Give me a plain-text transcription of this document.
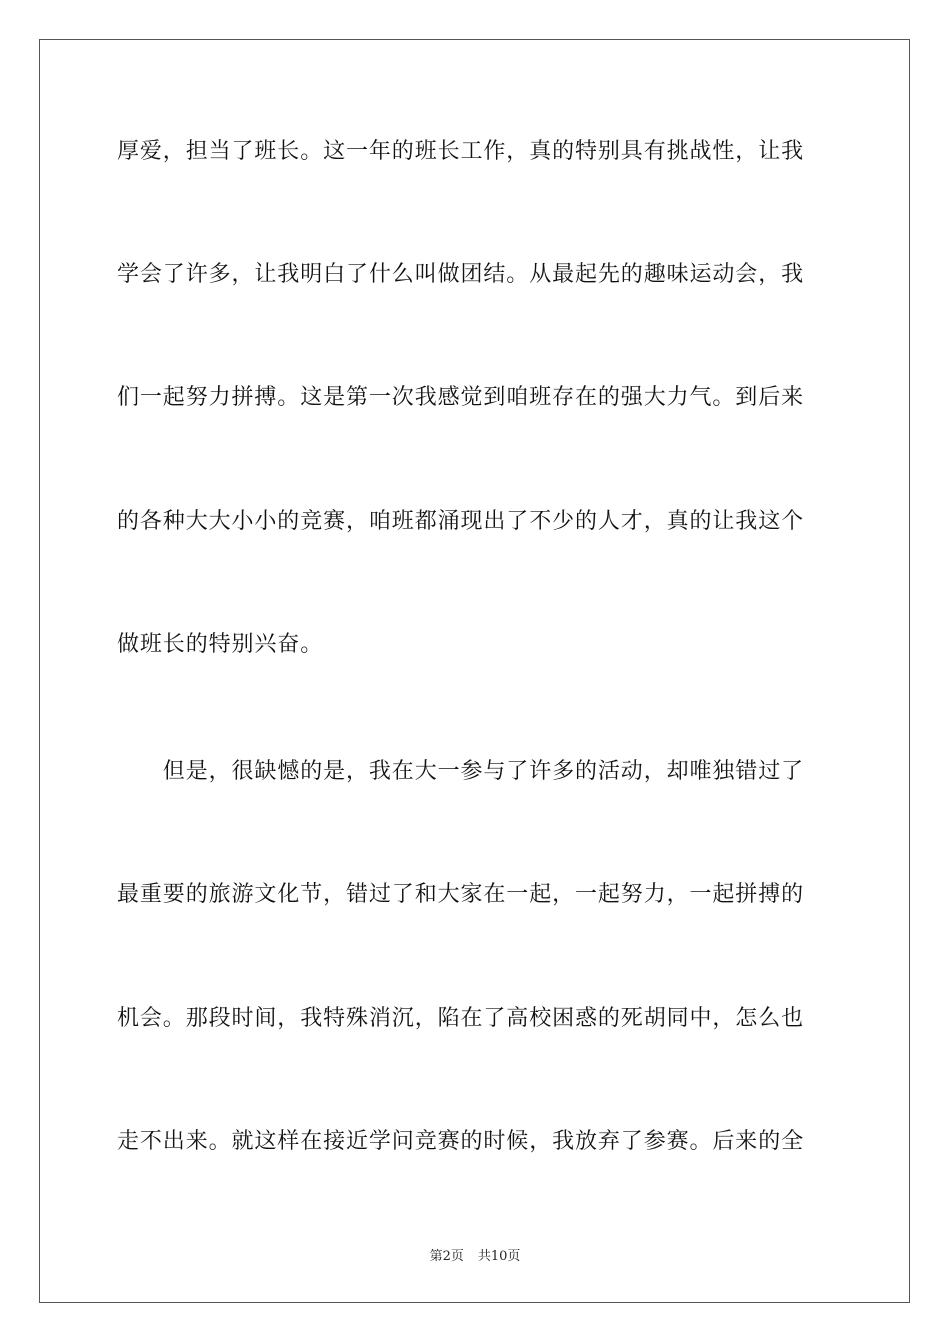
厚爱，担当了班长。这一年的班长工作，真的特别具有挑战性，让我
学会了许多，让我明白了什么叫做团结。从最起先的趣味运动会，我
们一起努力拼搏。这是第一次我感觉到咱班存在的强大力气。到后来
的各种大大小小的竞赛，咱班都涌现出了不少的人才，真的让我这个
做班长的特别兴奋。
　　但是，很缺憾的是，我在大一参与了许多的活动，却唯独错过了
最重要的旅游文化节，错过了和大家在一起，一起努力，一起拼搏的
机会。那段时间，我特殊消沉，陷在了高校困惑的死胡同中，怎么也
走不出来。就这样在接近学问竞赛的时候，我放弃了参赛。后来的全
第2页 共10页
